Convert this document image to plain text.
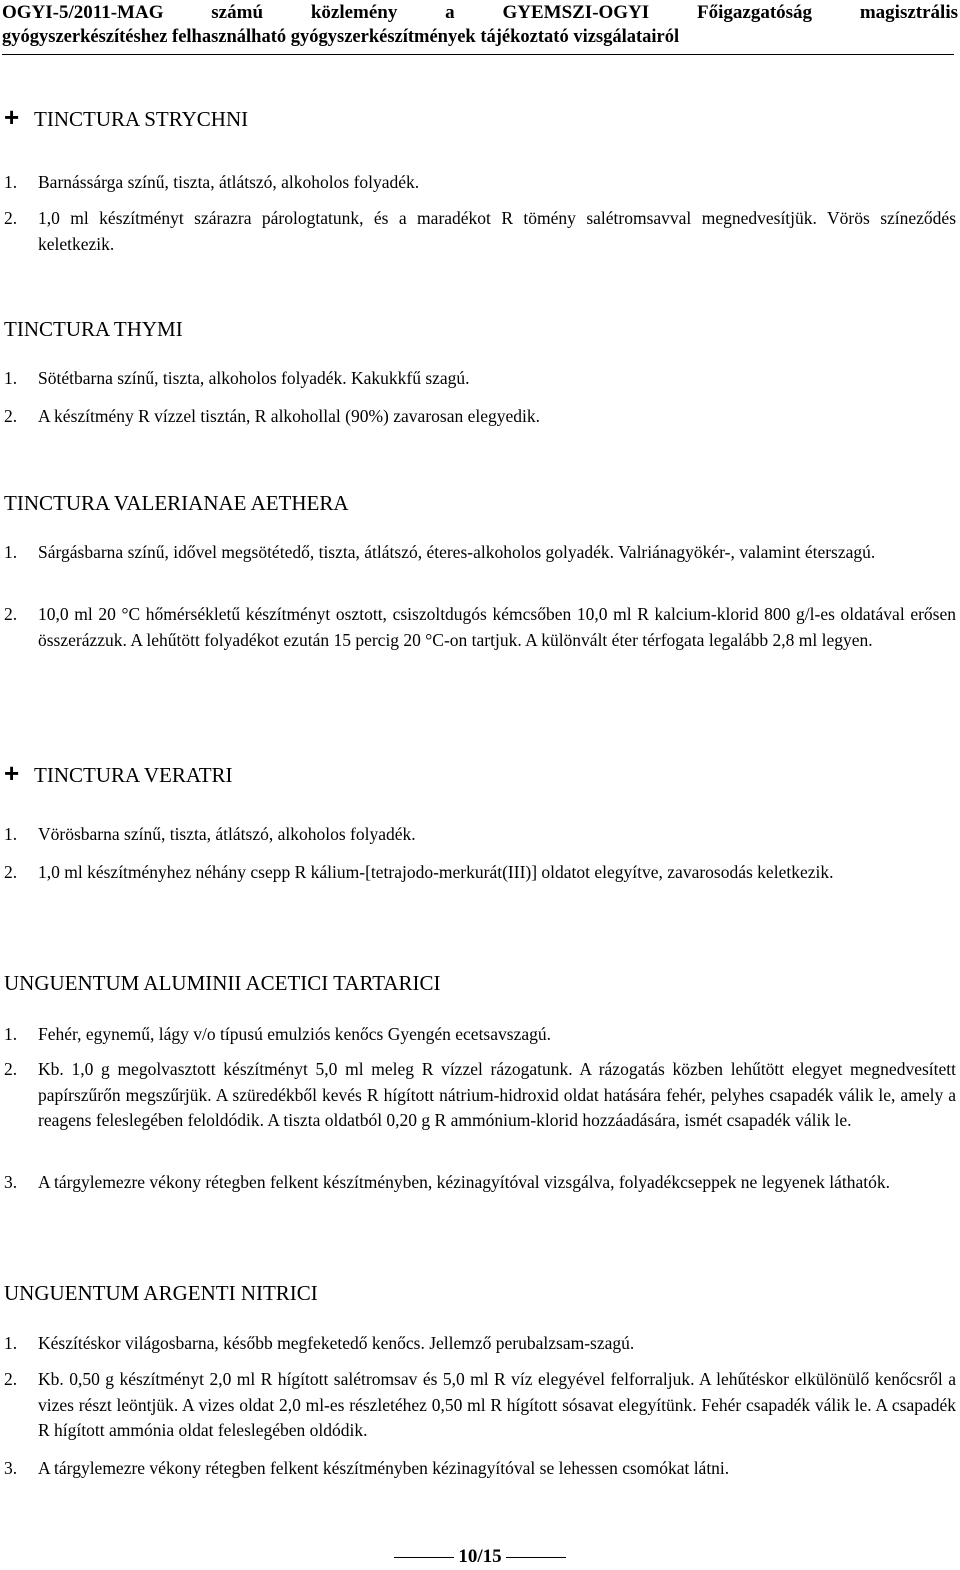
OGYI-5/2011-MAG számú közlemény a GYEMSZI-OGYI Főigazgatóság magisztrális
gyógyszerkészítéshez felhasználható gyógyszerkészítmények tájékoztató vizsgálatairól
+ TINCTURA STRYCHNI
1.	Barnássárga színű, tiszta, átlátszó, alkoholos folyadék.
2.	1,0 ml készítményt szárazra párologtatunk, és a maradékot R tömény salétromsavval megnedvesítjük. Vörös színeződés keletkezik.
TINCTURA THYMI
1.	Sötétbarna színű, tiszta, alkoholos folyadék. Kakukkfű szagú.
2.	A készítmény R vízzel tisztán, R alkohollal (90%) zavarosan elegyedik.
TINCTURA VALERIANAE AETHERA
1.	Sárgásbarna színű, idővel megsötétedő, tiszta, átlátszó, éteres-alkoholos golyadék. Valriánagyökér-, valamint éterszagú.
2.	10,0 ml 20 °C hőmérsékletű készítményt osztott, csiszoltdugós kémcsőben 10,0 ml R kalcium-klorid 800 g/l-es oldatával erősen összerázzuk. A lehűtött folyadékot ezután 15 percig 20 °C-on tartjuk. A különvált éter térfogata legalább 2,8 ml legyen.
+ TINCTURA VERATRI
1.	Vörösbarna színű, tiszta, átlátszó, alkoholos folyadék.
2.	1,0 ml készítményhez néhány csepp R kálium-[tetrajodo-merkurát(III)] oldatot elegyítve, zavarosodás keletkezik.
UNGUENTUM ALUMINII ACETICI TARTARICI
1.	Fehér, egynemű, lágy v/o típusú emulziós kenőcs Gyengén ecetsavszagú.
2.	Kb. 1,0 g megolvasztott készítményt 5,0 ml meleg R vízzel rázogatunk. A rázogatás közben lehűtött elegyet megnedvesített papírszűrőn megszűrjük. A szüredékből kevés R hígított nátrium-hidroxid oldat hatására fehér, pelyhes csapadék válik le, amely a reagens feleslegében feloldódik. A tiszta oldatból 0,20 g R ammónium-klorid hozzáadására, ismét csapadék válik le.
3.	A tárgylemezre vékony rétegben felkent készítményben, kézinagyítóval vizsgálva, folyadékcseppek ne legyenek láthatók.
UNGUENTUM ARGENTI NITRICI
1.	Készítéskor világosbarna, később megfeketedő kenőcs. Jellemző perubalzsam-szagú.
2.	Kb. 0,50 g készítményt 2,0 ml R hígított salétromsav és 5,0 ml R víz elegyével felforraljuk. A lehűtéskor elkülönülő kenőcsről a vizes részt leöntjük. A vizes oldat 2,0 ml-es részletéhez 0,50 ml R hígított sósavat elegyítünk. Fehér csapadék válik le. A csapadék R hígított ammónia oldat feleslegében oldódik.
3.	A tárgylemezre vékony rétegben felkent készítményben kézinagyítóval se lehessen csomókat látni.
10/15
